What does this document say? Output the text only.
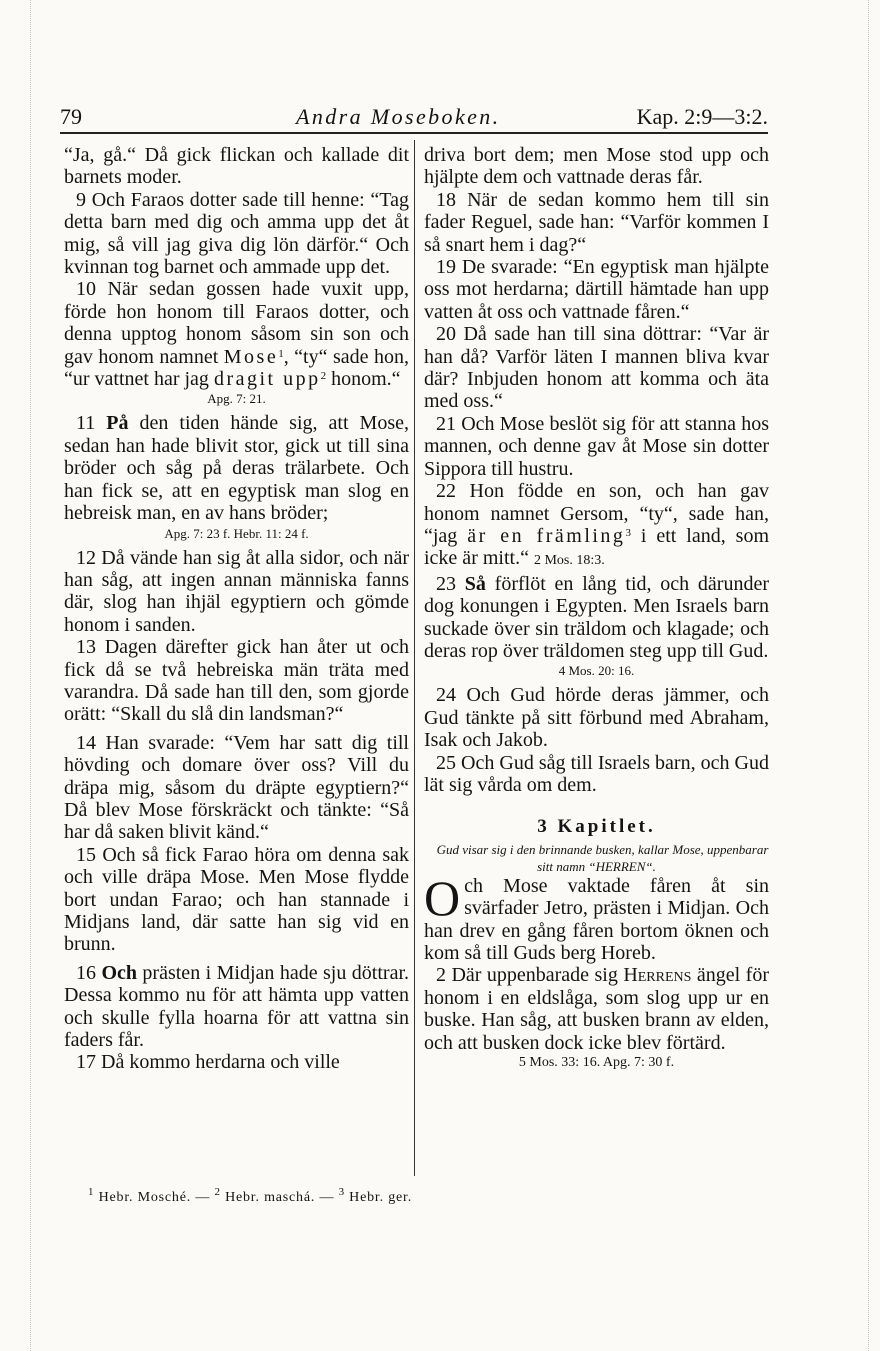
79	Andra Moseboken.	Kap. 2:9—3:2.

“Ja, gå.“ Då gick flickan och kallade dit barnets moder.

9 Och Faraos dotter sade till henne: “Tag detta barn med dig och amma upp det åt mig, så vill jag giva dig lön därför.“ Och kvinnan tog barnet och ammade upp det.

10 När sedan gossen hade vuxit upp, förde hon honom till Faraos dotter, och denna upptog honom såsom sin son och gav honom namnet Mose$^1$, “ty“ sade hon, “ur vattnet har jag dragit upp$^2$ honom.“

Apg. 7: 21.

11 På den tiden hände sig, att Mose, sedan han hade blivit stor, gick ut till sina bröder och såg på deras trälarbete. Och han fick se, att en egyptisk man slog en hebreisk man, en av hans bröder;

Apg. 7: 23 f. Hebr. 11: 24 f.

12 Då vände han sig åt alla sidor, och när han såg, att ingen annan människa fanns där, slog han ihjäl egyptiern och gömde honom i sanden.

13 Dagen därefter gick han åter ut och fick då se två hebreiska män träta med varandra. Då sade han till den, som gjorde orätt: “Skall du slå din landsman?“

14 Han svarade: “Vem har satt dig till hövding och domare över oss? Vill du dräpa mig, såsom du dräpte egyptiern?“ Då blev Mose förskräckt och tänkte: “Så har då saken blivit känd.“

15 Och så fick Farao höra om denna sak och ville dräpa Mose. Men Mose flydde bort undan Farao; och han stannade i Midjans land, där satte han sig vid en brunn.

16 Och prästen i Midjan hade sju döttrar. Dessa kommo nu för att hämta upp vatten och skulle fylla hoarna för att vattna sin faders får.

17 Då kommo herdarna och ville

driva bort dem; men Mose stod upp och hjälpte dem och vattnade deras får.

18 När de sedan kommo hem till sin fader Reguel, sade han: “Varför kommen I så snart hem i dag?“

19 De svarade: “En egyptisk man hjälpte oss mot herdarna; därtill hämtade han upp vatten åt oss och vattnade fåren.“

20 Då sade han till sina döttrar: “Var är han då? Varför läten I mannen bliva kvar där? Inbjuden honom att komma och äta med oss.“

21 Och Mose beslöt sig för att stanna hos mannen, och denne gav åt Mose sin dotter Sippora till hustru.

22 Hon födde en son, och han gav honom namnet Gersom, “ty“, sade han, “jag är en främling$^3$ i ett land, som icke är mitt.“ 2 Mos. 18:3.

23 Så förflöt en lång tid, och därunder dog konungen i Egypten. Men Israels barn suckade över sin träldom och klagade; och deras rop över träldomen steg upp till Gud.

4 Mos. 20: 16.

24 Och Gud hörde deras jämmer, och Gud tänkte på sitt förbund med Abraham, Isak och Jakob.

25 Och Gud såg till Israels barn, och Gud lät sig vårda om dem.

3 Kapitlet.

Gud visar sig i den brinnande busken, kallar Mose, uppenbarar sitt namn “HERREN“.

Och Mose vaktade fåren åt sin svärfader Jetro, prästen i Midjan. Och han drev en gång fåren bortom öknen och kom så till Guds berg Horeb.

2 Där uppenbarade sig Herrens ängel för honom i en eldslåga, som slog upp ur en buske. Han såg, att busken brann av elden, och att busken dock icke blev förtärd.

5 Mos. 33: 16. Apg. 7: 30 f.

$^1$ Hebr. Mosché. — $^2$ Hebr. maschá. — $^3$ Hebr. ger.
